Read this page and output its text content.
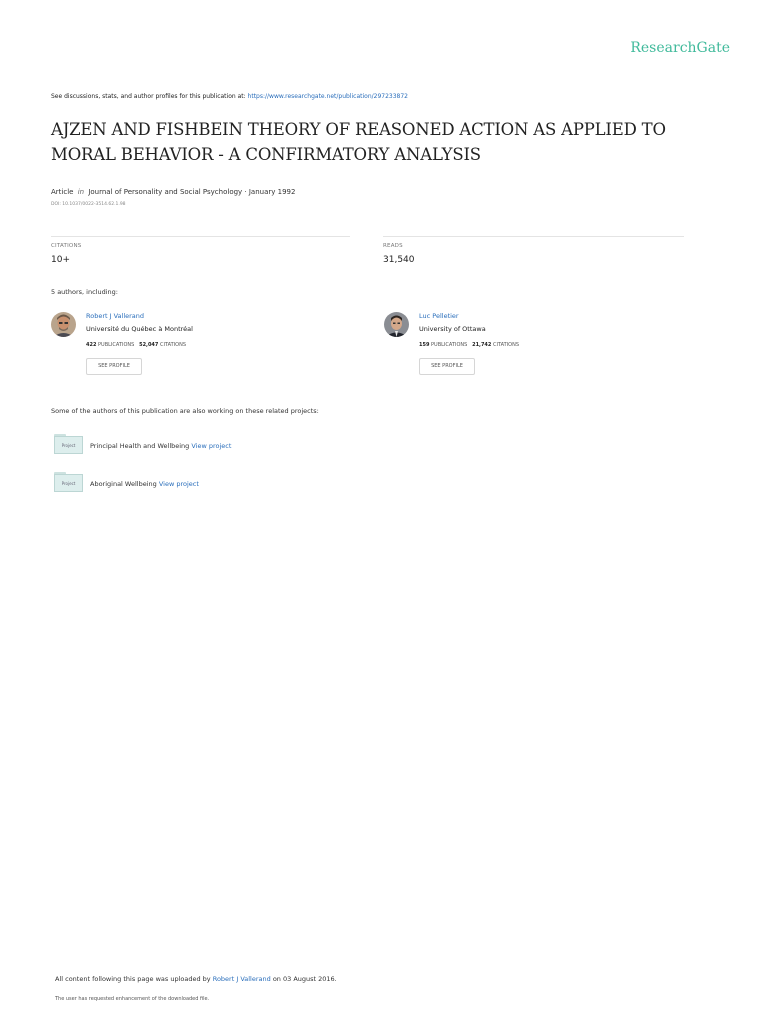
ResearchGate
See discussions, stats, and author profiles for this publication at: https://www.researchgate.net/publication/297233872
AJZEN AND FISHBEIN THEORY OF REASONED ACTION AS APPLIED TO MORAL BEHAVIOR - A CONFIRMATORY ANALYSIS
Article in Journal of Personality and Social Psychology · January 1992
DOI: 10.1037/0022-3514.62.1.98
CITATIONS
10+
READS
31,540
5 authors, including:
Robert J Vallerand
Université du Québec à Montréal
422 PUBLICATIONS 52,047 CITATIONS
SEE PROFILE
Luc Pelletier
University of Ottawa
159 PUBLICATIONS 21,742 CITATIONS
SEE PROFILE
Some of the authors of this publication are also working on these related projects:
Project	Principal Health and Wellbeing View project
Project	Aboriginal Wellbeing View project
All content following this page was uploaded by Robert J Vallerand on 03 August 2016.
The user has requested enhancement of the downloaded file.
